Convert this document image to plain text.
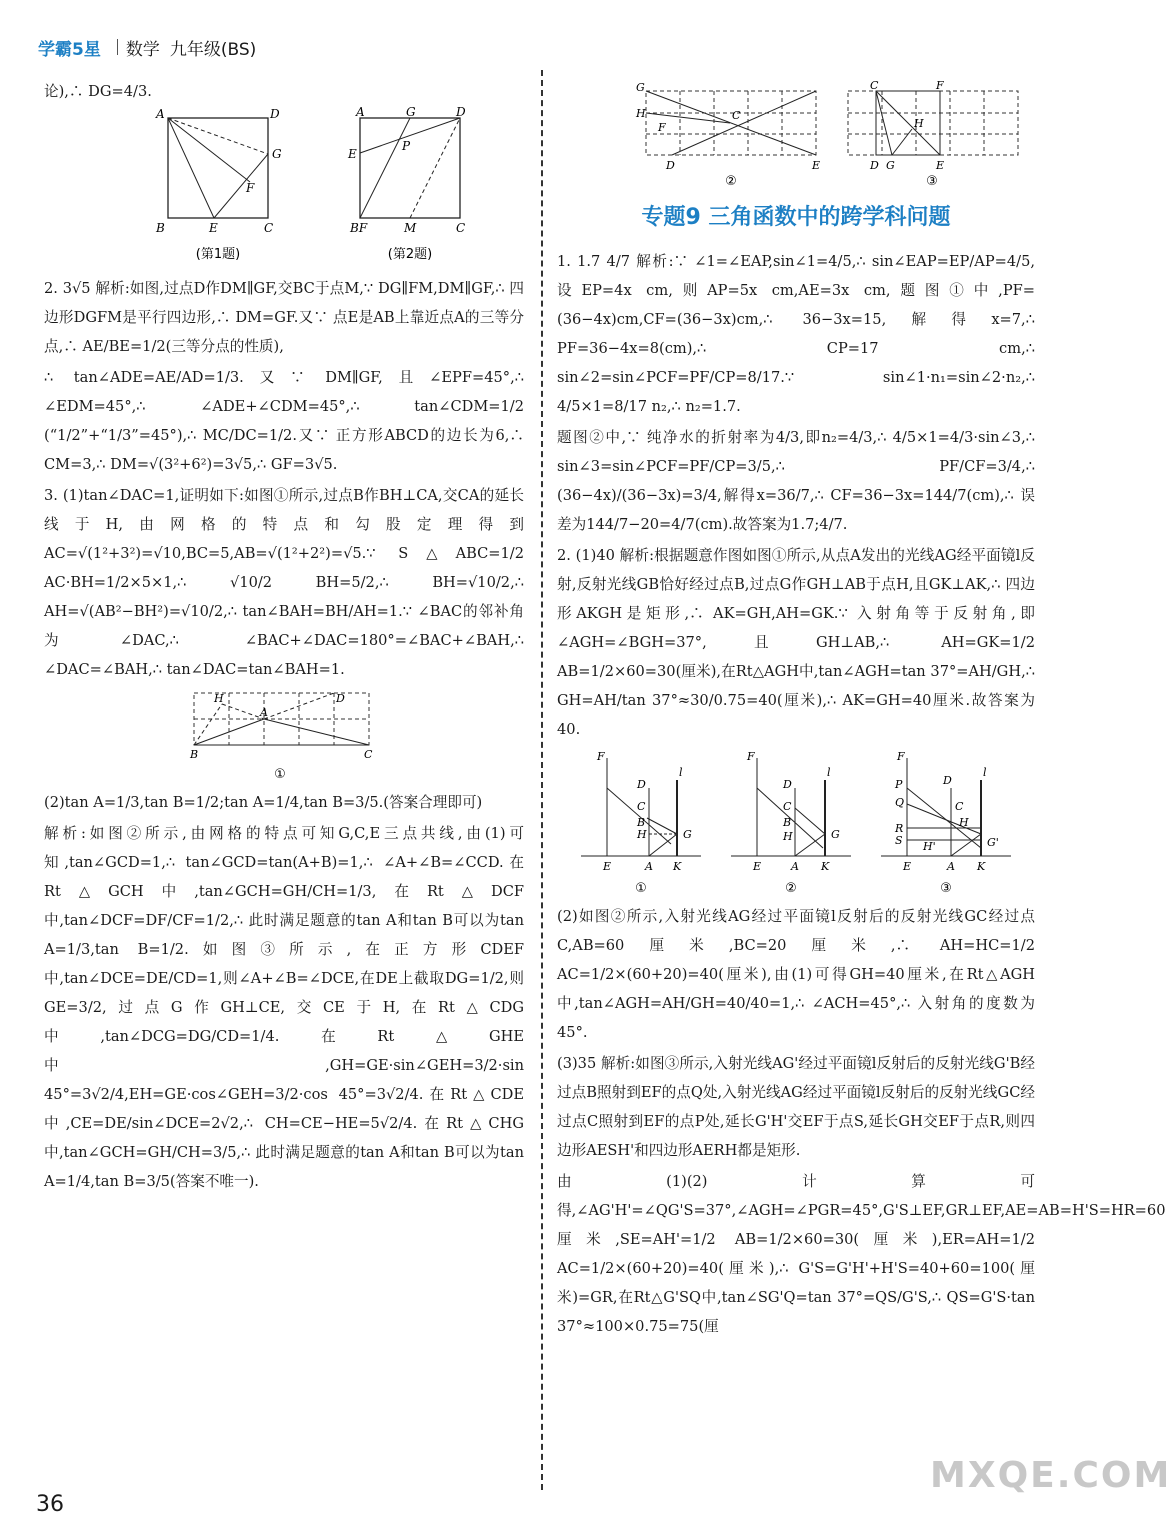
学霸5星 数学 九年级(BS)

论),∴ DG=4/3.

A	D
G
F
B	E	C
(第1题)
A	G	D
E
P
BF	M	C
(第2题)

2. 3√5 解析:如图,过点D作DM∥GF,交BC于点M,∵ DG∥FM,DM∥GF,∴ 四边形DGFM是平行四边形,∴ DM=GF.又∵ 点E是AB上靠近点A的三等分点,∴ AE/BE=1/2(三等分点的性质),

∴ tan∠ADE=AE/AD=1/3.又∵ DM∥GF,且∠EPF=45°,∴ ∠EDM=45°,∴ ∠ADE+∠CDM=45°,∴ tan∠CDM=1/2 (“1/2”+“1/3”=45°),∴ MC/DC=1/2.又∵ 正方形ABCD的边长为6,∴ CM=3,∴ DM=√(3²+6²)=3√5,∴ GF=3√5.

3. (1)tan∠DAC=1,证明如下:如图①所示,过点B作BH⊥CA,交CA的延长线于H,由网格的特点和勾股定理得到AC=√(1²+3²)=√10,BC=5,AB=√(1²+2²)=√5.∵ S△ABC=1/2 AC·BH=1/2×5×1,∴ √10/2 BH=5/2,∴ BH=√10/2,∴ AH=√(AB²−BH²)=√10/2,∴ tan∠BAH=BH/AH=1.∵ ∠BAC的邻补角为∠DAC,∴ ∠BAC+∠DAC=180°=∠BAC+∠BAH,∴ ∠DAC=∠BAH,∴ tan∠DAC=tan∠BAH=1.

H
A
D
B	C
①

(2)tan A=1/3,tan B=1/2;tan A=1/4,tan B=3/5.(答案合理即可)

解析:如图②所示,由网格的特点可知G,C,E三点共线,由(1)可知,tan∠GCD=1,∴ tan∠GCD=tan(A+B)=1,∴ ∠A+∠B=∠CCD.在Rt△GCH中,tan∠GCH=GH/CH=1/3,在Rt△DCF中,tan∠DCF=DF/CF=1/2,∴ 此时满足题意的tan A和tan B可以为tan A=1/3,tan B=1/2.如图③所示,在正方形CDEF中,tan∠DCE=DE/CD=1,则∠A+∠B=∠DCE,在DE上截取DG=1/2,则GE=3/2,过点G作GH⊥CE,交CE于H,在Rt△CDG中,tan∠DCG=DG/CD=1/4.在Rt△GHE中,GH=GE·sin∠GEH=3/2·sin 45°=3√2/4,EH=GE·cos∠GEH=3/2·cos 45°=3√2/4.在Rt△CDE中,CE=DE/sin∠DCE=2√2,∴ CH=CE−HE=5√2/4.在Rt△CHG中,tan∠GCH=GH/CH=3/5,∴ 此时满足题意的tan A和tan B可以为tan A=1/4,tan B=3/5(答案不唯一).

G
H
F
C
D	E
②
C	F
H
D G	E
③
专题9 三角函数中的跨学科问题

1. 1.7 4/7 解析:∵ ∠1=∠EAP,sin∠1=4/5,∴ sin∠EAP=EP/AP=4/5,设EP=4x cm,则AP=5x cm,AE=3x cm,题图①中,PF=(36−4x)cm,CF=(36−3x)cm,∴ 36−3x=15,解得x=7,∴ PF=36−4x=8(cm),∴ CP=17 cm,∴ sin∠2=sin∠PCF=PF/CP=8/17.∵ sin∠1·n₁=sin∠2·n₂,∴ 4/5×1=8/17 n₂,∴ n₂=1.7.

题图②中,∵ 纯净水的折射率为4/3,即n₂=4/3,∴ 4/5×1=4/3·sin∠3,∴ sin∠3=sin∠PCF=PF/CP=3/5,∴ PF/CF=3/4,∴ (36−4x)/(36−3x)=3/4,解得x=36/7,∴ CF=36−3x=144/7(cm),∴ 误差为144/7−20=4/7(cm).故答案为1.7;4/7.

2. (1)40 解析:根据题意作图如图①所示,从点A发出的光线AG经平面镜l反射,反射光线GB恰好经过点B,过点G作GH⊥AB于点H,且GK⊥AK,∴ 四边形AKGH是矩形,∴ AK=GH,AH=GK.∵ 入射角等于反射角,即∠AGH=∠BGH=37°,且GH⊥AB,∴ AH=GK=1/2 AB=1/2×60=30(厘米),在Rt△AGH中,tan∠AGH=tan 37°=AH/GH,∴ GH=AH/tan 37°≈30/0.75=40(厘米),∴ AK=GH=40厘米.故答案为40.

F
D
C
B
H	G
l
E	A K
①
F
D
C
B
H	G
l
E	A K
②
F
P
Q
R
S
D
C
H
H'	G'
l
E	A K
③

(2)如图②所示,入射光线AG经过平面镜l反射后的反射光线GC经过点C,AB=60厘米,BC=20厘米,∴ AH=HC=1/2 AC=1/2×(60+20)=40(厘米),由(1)可得GH=40厘米,在Rt△AGH中,tan∠AGH=AH/GH=40/40=1,∴ ∠ACH=45°,∴ 入射角的度数为45°.

(3)35 解析:如图③所示,入射光线AG'经过平面镜l反射后的反射光线G'B经过点B照射到EF的点Q处,入射光线AG经过平面镜l反射后的反射光线GC经过点C照射到EF的点P处,延长G'H'交EF于点S,延长GH交EF于点R,则四边形AESH'和四边形AERH都是矩形.

由(1)(2)计算可得,∠AG'H'=∠QG'S=37°,∠AGH=∠PGR=45°,G'S⊥EF,GR⊥EF,AE=AB=H'S=HR=60厘米,SE=AH'=1/2 AB=1/2×60=30(厘米),ER=AH=1/2 AC=1/2×(60+20)=40(厘米),∴ G'S=G'H'+H'S=40+60=100(厘米)=GR,在Rt△G'SQ中,tan∠SG'Q=tan 37°=QS/G'S,∴ QS=G'S·tan 37°≈100×0.75=75(厘

36
MXQE.COM
